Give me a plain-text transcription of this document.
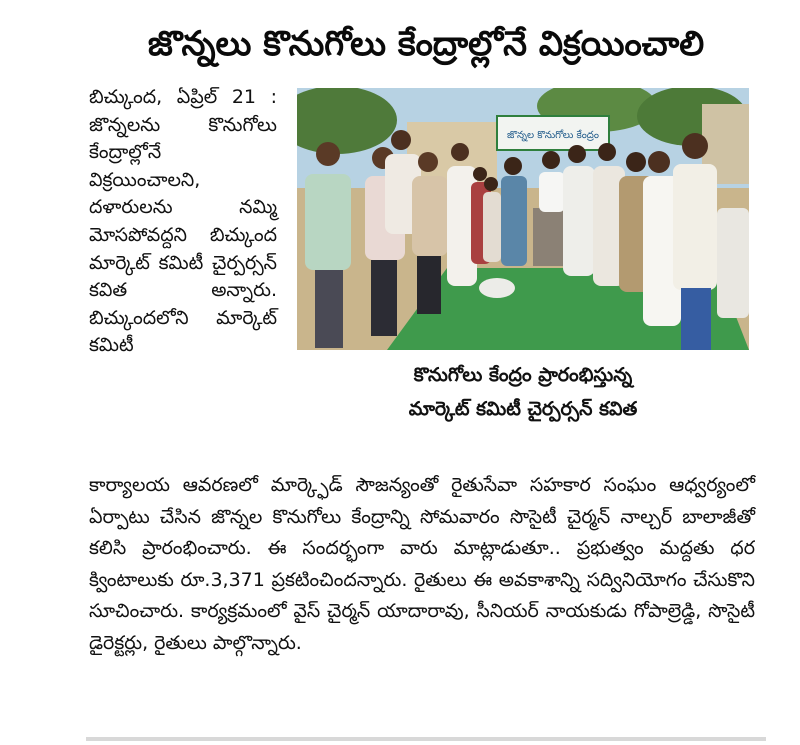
జొన్నలు కొనుగోలు కేంద్రాల్లోనే విక్రయించాలి

బిచ్కుంద, ఏప్రిల్ 21 : జొన్నలను కొనుగోలు కేంద్రాల్లోనే విక్రయించాలని, దళారులను నమ్మి మోసపోవద్దని బిచ్కుంద మార్కెట్ కమిటీ చైర్పర్సన్ కవిత అన్నారు. బిచ్కుందలోని మార్కెట్ కమిటీ

జొన్నల కొనుగోలు కేంద్రం
కొనుగోలు కేంద్రం ప్రారంభిస్తున్న
మార్కెట్ కమిటీ చైర్పర్సన్ కవిత

కార్యాలయ ఆవరణలో మార్క్ఫెడ్ సౌజన్యంతో రైతుసేవా సహకార సంఘం ఆధ్వర్యంలో ఏర్పాటు చేసిన జొన్నల కొనుగోలు కేంద్రాన్ని సోమవారం సొసైటీ చైర్మన్ నాల్చర్ బాలాజీతో కలిసి ప్రారంభించారు. ఈ సందర్భంగా వారు మాట్లాడుతూ.. ప్రభుత్వం మద్దతు ధర క్వింటాలుకు రూ.3,371 ప్రకటించిందన్నారు. రైతులు ఈ అవకాశాన్ని సద్వినియోగం చేసుకొని సూచించారు. కార్యక్రమంలో వైస్ చైర్మన్ యాదారావు, సీనియర్ నాయకుడు గోపాల్రెడ్డి, సొసైటీ డైరెక్టర్లు, రైతులు పాల్గొన్నారు.
